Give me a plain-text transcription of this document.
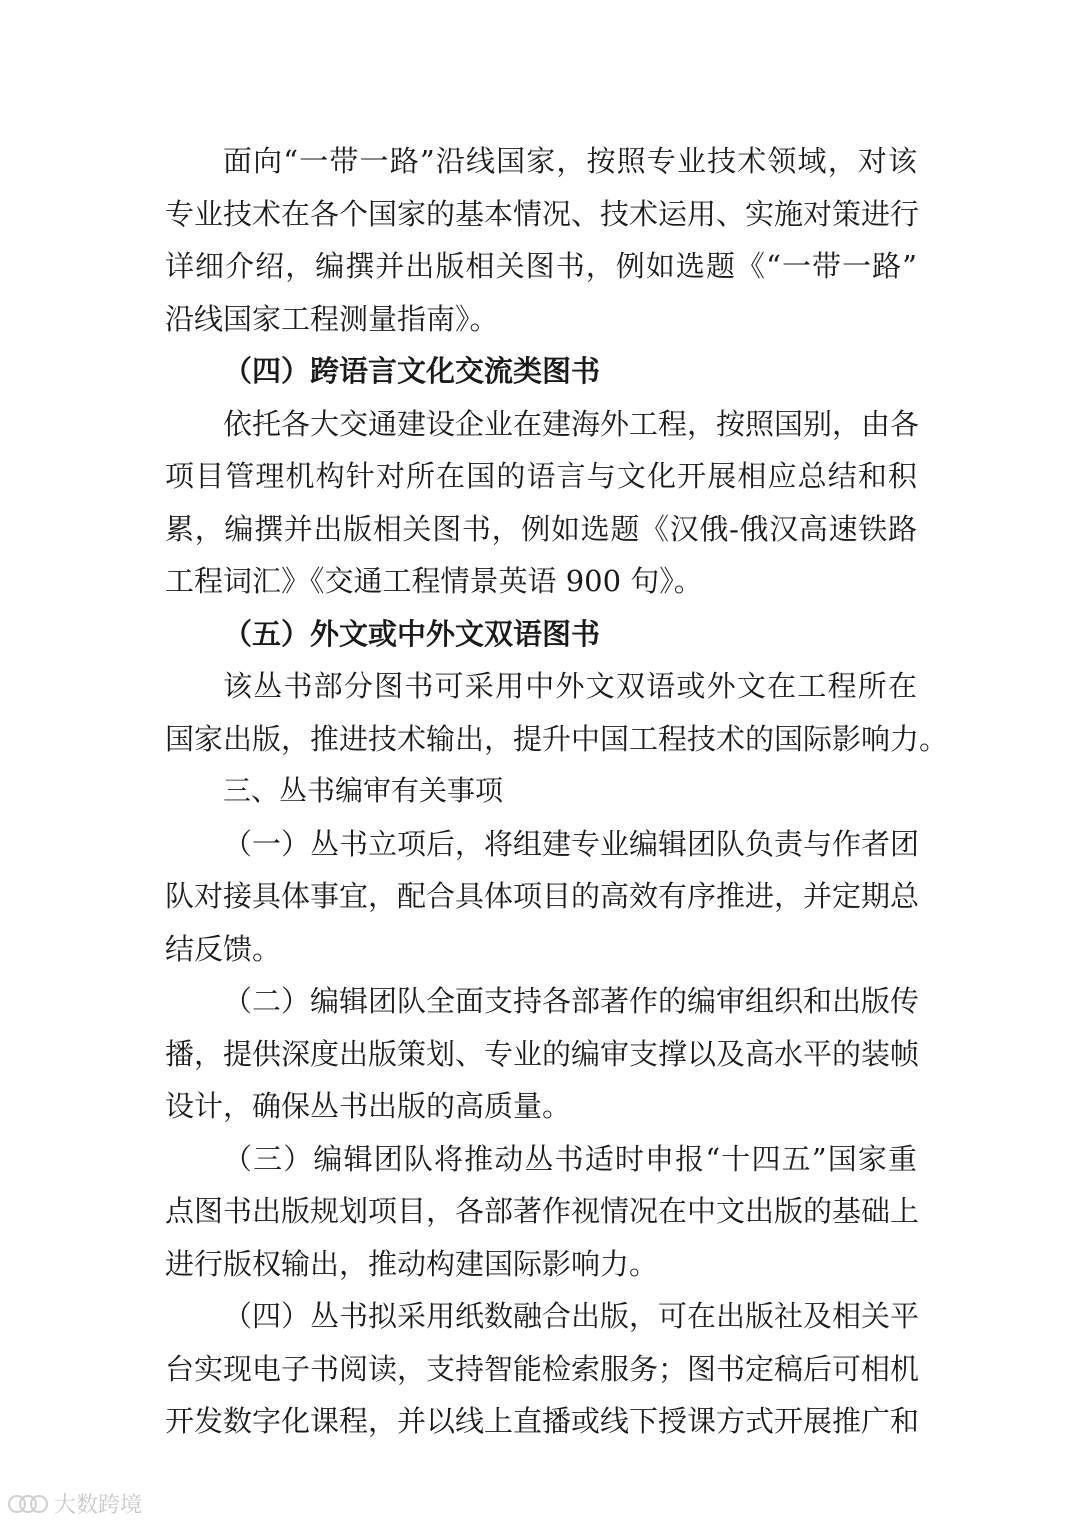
面向“一带一路”沿线国家，按照专业技术领域，对该
专业技术在各个国家的基本情况、技术运用、实施对策进行
详细介绍，编撰并出版相关图书，例如选题《“一带一路”
沿线国家工程测量指南》。

（四）跨语言文化交流类图书

依托各大交通建设企业在建海外工程，按照国别，由各
项目管理机构针对所在国的语言与文化开展相应总结和积
累，编撰并出版相关图书，例如选题《汉俄-俄汉高速铁路
工程词汇》《交通工程情景英语 900 句》。

（五）外文或中外文双语图书

该丛书部分图书可采用中外文双语或外文在工程所在
国家出版，推进技术输出，提升中国工程技术的国际影响力。

三、丛书编审有关事项

（一）丛书立项后，将组建专业编辑团队负责与作者团
队对接具体事宜，配合具体项目的高效有序推进，并定期总
结反馈。

（二）编辑团队全面支持各部著作的编审组织和出版传
播，提供深度出版策划、专业的编审支撑以及高水平的装帧
设计，确保丛书出版的高质量。

（三）编辑团队将推动丛书适时申报“十四五”国家重
点图书出版规划项目，各部著作视情况在中文出版的基础上
进行版权输出，推动构建国际影响力。

（四）丛书拟采用纸数融合出版，可在出版社及相关平
台实现电子书阅读，支持智能检索服务；图书定稿后可相机
开发数字化课程，并以线上直播或线下授课方式开展推广和

大数跨境
